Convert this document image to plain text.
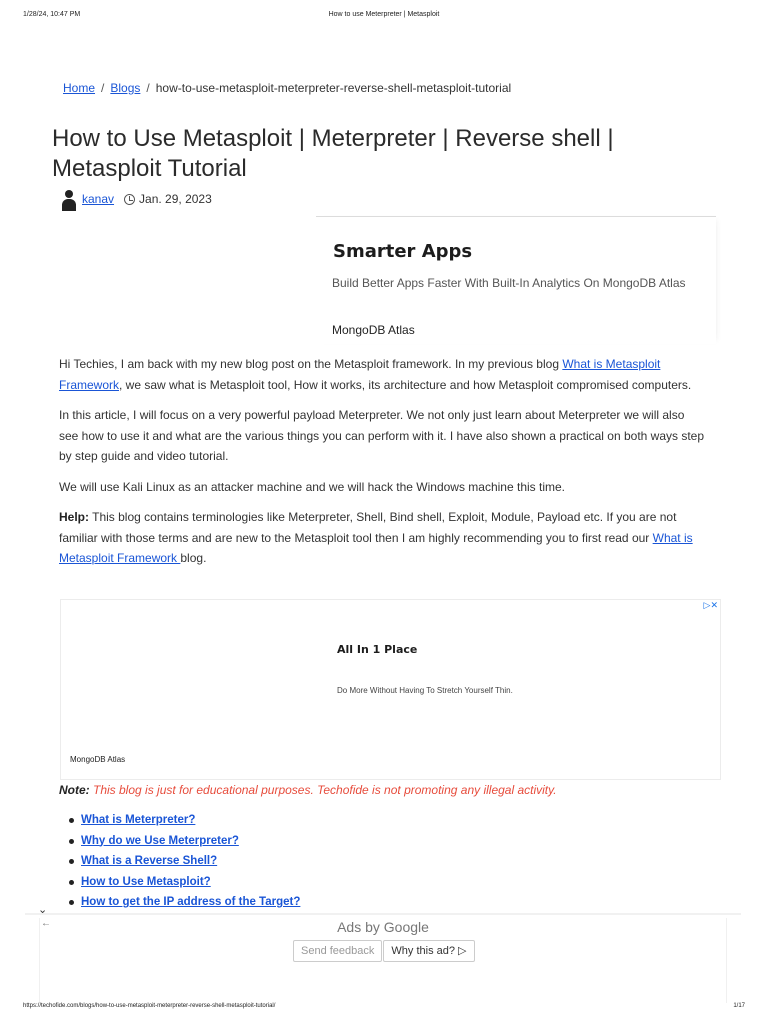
1/28/24, 10:47 PM	How to use Meterpreter | Metasploit
Home / Blogs / how-to-use-metasploit-meterpreter-reverse-shell-metasploit-tutorial
How to Use Metasploit | Meterpreter | Reverse shell | Metasploit Tutorial
kanav Jan. 29, 2023
Smarter Apps
Build Better Apps Faster With Built-In Analytics On MongoDB Atlas
MongoDB Atlas

Hi Techies, I am back with my new blog post on the Metasploit framework. In my previous blog What is Metasploit Framework, we saw what is Metasploit tool, How it works, its architecture and how Metasploit compromised computers.

In this article, I will focus on a very powerful payload Meterpreter. We not only just learn about Meterpreter we will also see how to use it and what are the various things you can perform with it. I have also shown a practical on both ways step by step guide and video tutorial.

We will use Kali Linux as an attacker machine and we will hack the Windows machine this time.

Help: This blog contains terminologies like Meterpreter, Shell, Bind shell, Exploit, Module, Payload etc. If you are not familiar with those terms and are new to the Metasploit tool then I am highly recommending you to first read our What is Metasploit Framework blog.

▷✕
All In 1 Place
Do More Without Having To Stretch Yourself Thin.
MongoDB Atlas
Note: This blog is just for educational purposes. Techofide is not promoting any illegal activity.
What is Meterpreter?
Why do we Use Meterpreter?
What is a Reverse Shell?
How to Use Metasploit?
How to get the IP address of the Target?
⌄
←	Ads by Google
Send feedback	Why this ad? ▷
https://techofide.com/blogs/how-to-use-metasploit-meterpreter-reverse-shell-metasploit-tutorial/	1/17
